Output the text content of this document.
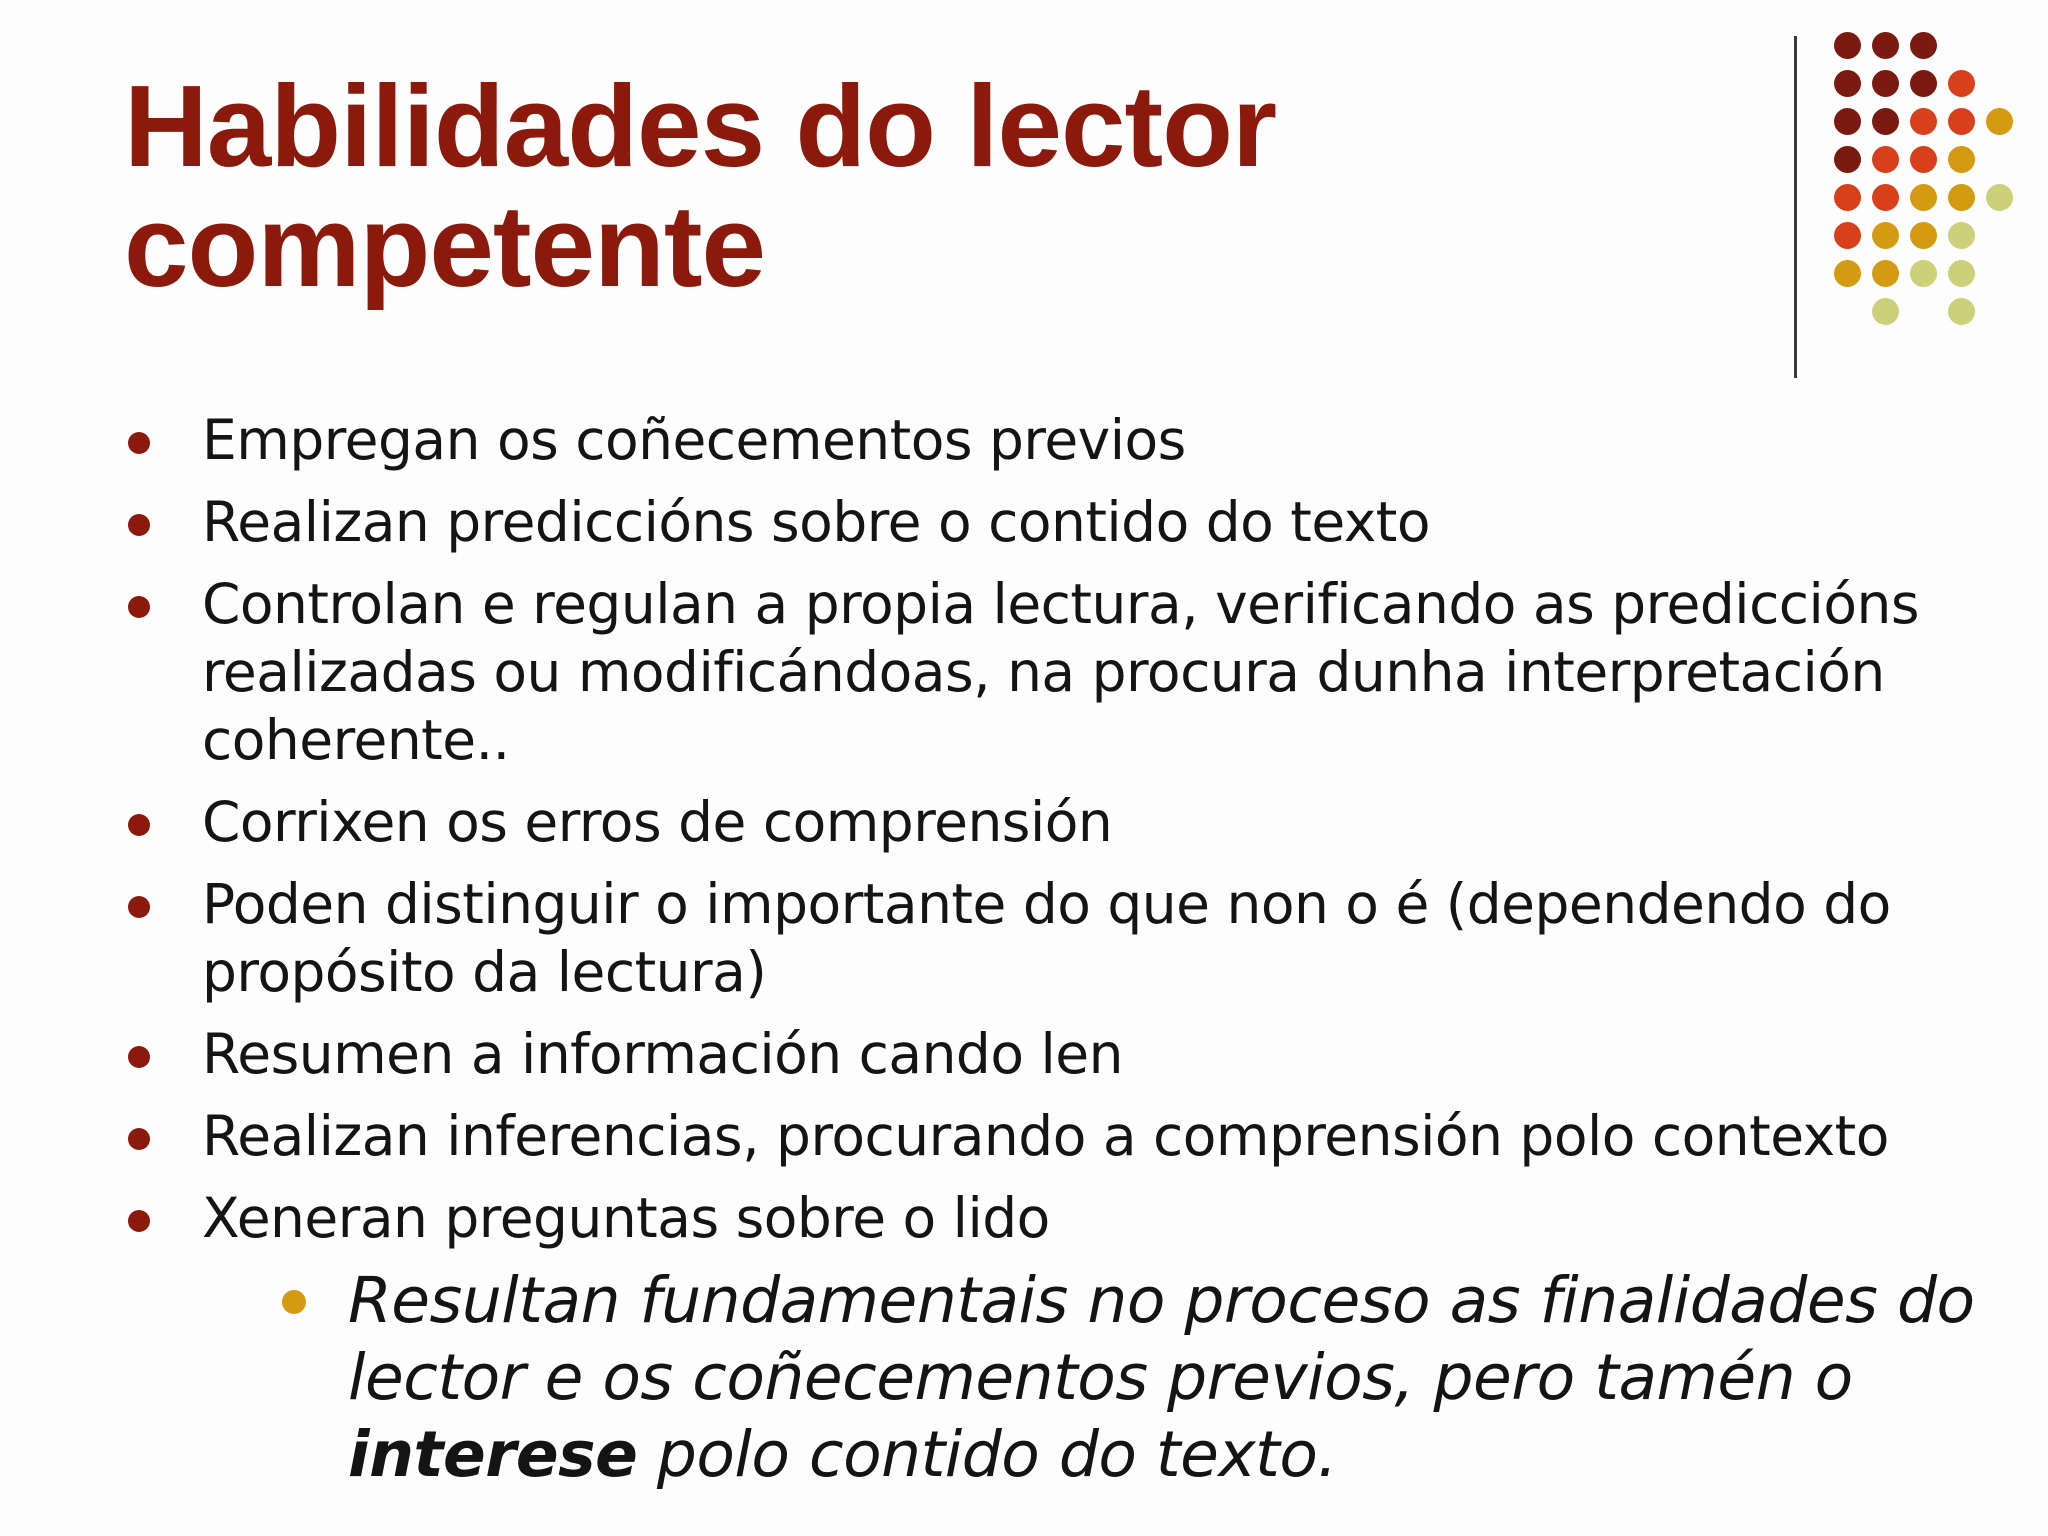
Habilidades do lector
competente
Empregan os coñecementos previos
Realizan prediccións sobre o contido do texto
Controlan e regulan a propia lectura, verificando as prediccións realizadas ou modificándoas, na procura dunha interpretación coherente..
Corrixen os erros de comprensión
Poden distinguir o importante do que non o é (dependendo do propósito da lectura)
Resumen a información cando len
Realizan inferencias, procurando a comprensión polo contexto
Xeneran preguntas sobre o lido
Resultan fundamentais no proceso as finalidades do lector e os coñecementos previos, pero tamén o interese polo contido do texto.
